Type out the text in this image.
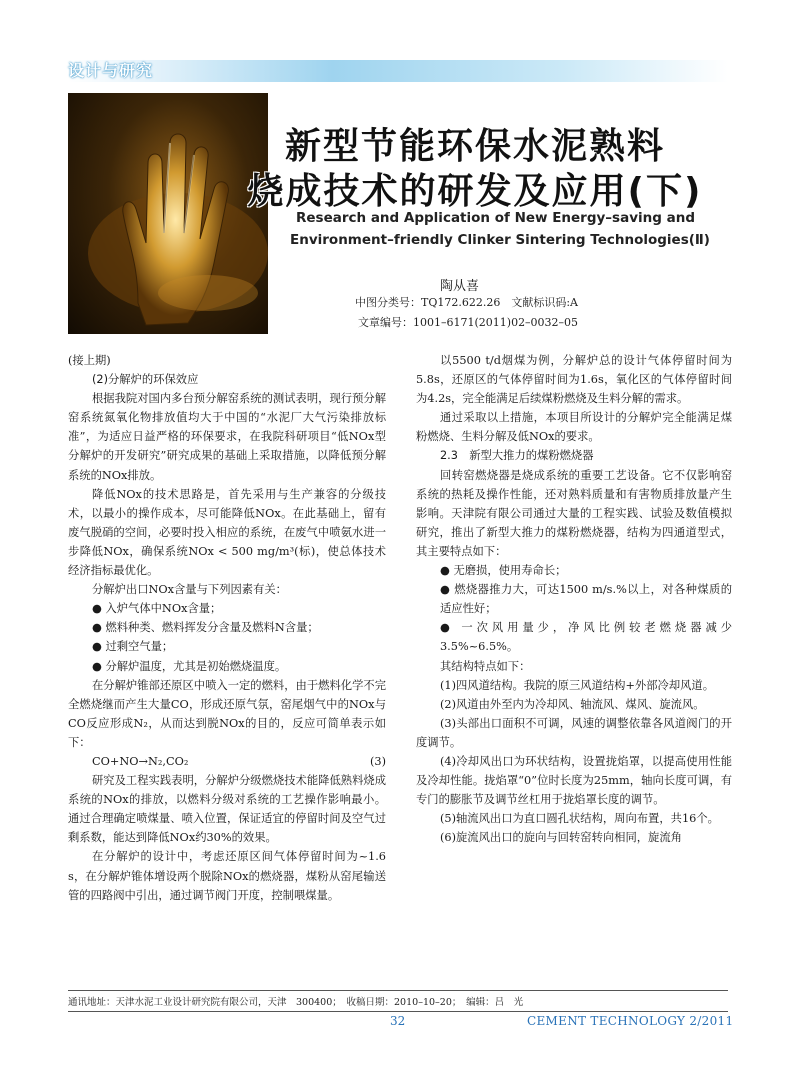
设计与研究
新型节能环保水泥熟料
烧成技术的研发及应用(下)
Research and Application of New Energy–saving and
Environment–friendly Clinker Sintering Technologies(Ⅱ)
陶从喜
中图分类号：TQ172.622.26　文献标识码:A
文章编号：1001–6171(2011)02–0032–05

(接上期)

(2)分解炉的环保效应

根据我院对国内多台预分解窑系统的测试表明，现行预分解窑系统氮氧化物排放值均大于中国的“水泥厂大气污染排放标准”，为适应日益严格的环保要求，在我院科研项目“低NOx型分解炉的开发研究”研究成果的基础上采取措施，以降低预分解系统的NOx排放。

降低NOx的技术思路是，首先采用与生产兼容的分级技术，以最小的操作成本，尽可能降低NOx。在此基础上，留有废气脱硝的空间，必要时投入相应的系统，在废气中喷氨水进一步降低NOx，确保系统NOx < 500 mg/m³(标)，使总体技术经济指标最优化。

分解炉出口NOx含量与下列因素有关：

● 入炉气体中NOx含量；

● 燃料种类、燃料挥发分含量及燃料N含量；

● 过剩空气量；

● 分解炉温度，尤其是初始燃烧温度。

在分解炉锥部还原区中喷入一定的燃料，由于燃料化学不完全燃烧继而产生大量CO，形成还原气氛，窑尾烟气中的NOx与CO反应形成N₂，从而达到脱NOx的目的，反应可简单表示如下：

CO+NO→N₂,CO₂	(3)

研究及工程实践表明，分解炉分级燃烧技术能降低熟料烧成系统的NOx的排放，以燃料分级对系统的工艺操作影响最小。通过合理确定喷煤量、喷入位置，保证适宜的停留时间及空气过剩系数，能达到降低NOx约30%的效果。

在分解炉的设计中，考虑还原区间气体停留时间为~1.6 s，在分解炉锥体增设两个脱除NOx的燃烧器，煤粉从窑尾输送管的四路阀中引出，通过调节阀门开度，控制喂煤量。

以5500 t/d烟煤为例，分解炉总的设计气体停留时间为5.8s，还原区的气体停留时间为1.6s，氧化区的气体停留时间为4.2s，完全能满足后续煤粉燃烧及生料分解的需求。

通过采取以上措施，本项目所设计的分解炉完全能满足煤粉燃烧、生料分解及低NOx的要求。

2.3　新型大推力的煤粉燃烧器

回转窑燃烧器是烧成系统的重要工艺设备。它不仅影响窑系统的热耗及操作性能，还对熟料质量和有害物质排放量产生影响。天津院有限公司通过大量的工程实践、试验及数值模拟研究，推出了新型大推力的煤粉燃烧器，结构为四通道型式，其主要特点如下：

● 无磨损，使用寿命长；

● 燃烧器推力大，可达1500 m/s.%以上，对各种煤质的适应性好；

● 一次风用量少，净风比例较老燃烧器减少3.5%~6.5%。

其结构特点如下：

(1)四风道结构。我院的原三风道结构+外部冷却风道。

(2)风道由外至内为冷却风、轴流风、煤风、旋流风。

(3)头部出口面积不可调，风速的调整依靠各风道阀门的开度调节。

(4)冷却风出口为环状结构，设置拢焰罩，以提高使用性能及冷却性能。拢焰罩“0”位时长度为25mm，轴向长度可调，有专门的膨胀节及调节丝杠用于拢焰罩长度的调节。

(5)轴流风出口为直口圆孔状结构，周向布置，共16个。

(6)旋流风出口的旋向与回转窑转向相同，旋流角

通讯地址：天津水泥工业设计研究院有限公司，天津　300400；　收稿日期：2010–10–20；　编辑：吕　光
32	CEMENT TECHNOLOGY 2/2011
